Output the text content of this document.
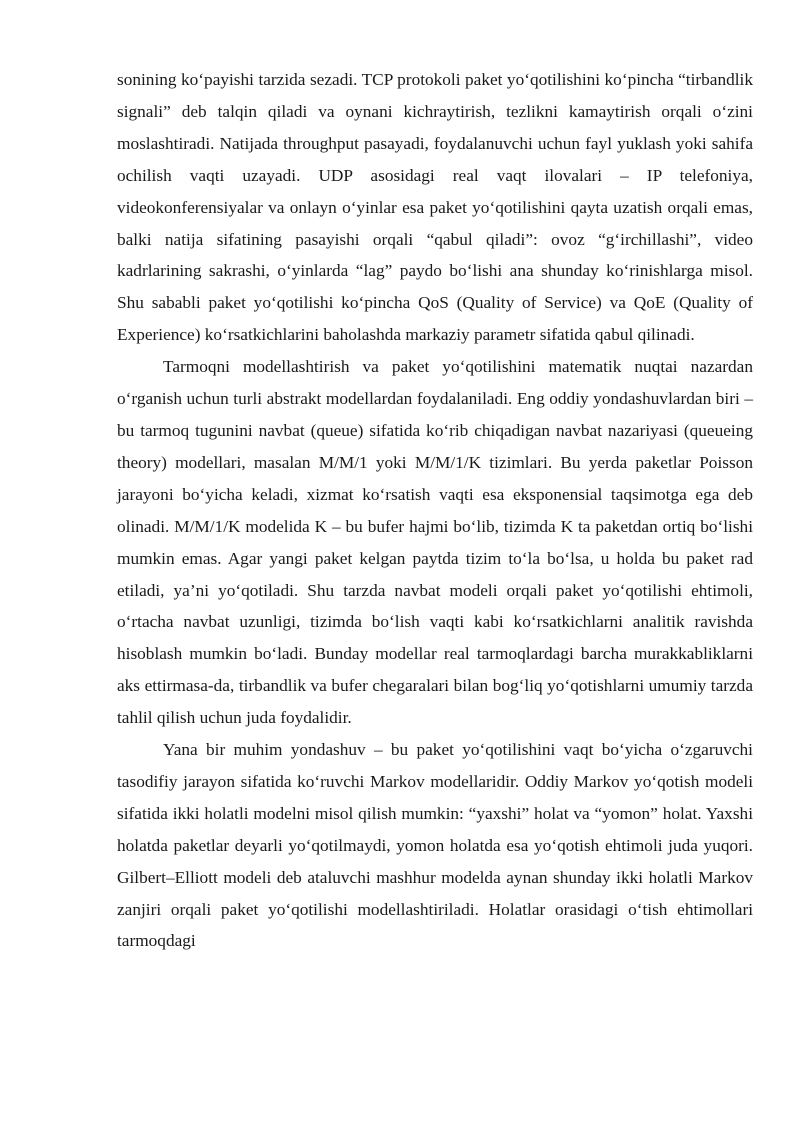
sonining ko‘payishi tarzida sezadi. TCP protokoli paket yo‘qotilishini ko‘pincha “tirbandlik signali” deb talqin qiladi va oynani kichraytirish, tezlikni kamaytirish orqali o‘zini moslashtiradi. Natijada throughput pasayadi, foydalanuvchi uchun fayl yuklash yoki sahifa ochilish vaqti uzayadi. UDP asosidagi real vaqt ilovalari – IP telefoniya, videokonferensiyalar va onlayn o‘yinlar esa paket yo‘qotilishini qayta uzatish orqali emas, balki natija sifatining pasayishi orqali “qabul qiladi”: ovoz “g‘irchillashi”, video kadrlarining sakrashi, o‘yinlarda “lag” paydo bo‘lishi ana shunday ko‘rinishlarga misol. Shu sababli paket yo‘qotilishi ko‘pincha QoS (Quality of Service) va QoE (Quality of Experience) ko‘rsatkichlarini baholashda markaziy parametr sifatida qabul qilinadi.

Tarmoqni modellashtirish va paket yo‘qotilishini matematik nuqtai nazardan o‘rganish uchun turli abstrakt modellardan foydalaniladi. Eng oddiy yondashuvlardan biri – bu tarmoq tugunini navbat (queue) sifatida ko‘rib chiqadigan navbat nazariyasi (queueing theory) modellari, masalan M/M/1 yoki M/M/1/K tizimlari. Bu yerda paketlar Poisson jarayoni bo‘yicha keladi, xizmat ko‘rsatish vaqti esa eksponensial taqsimotga ega deb olinadi. M/M/1/K modelida K – bu bufer hajmi bo‘lib, tizimda K ta paketdan ortiq bo‘lishi mumkin emas. Agar yangi paket kelgan paytda tizim to‘la bo‘lsa, u holda bu paket rad etiladi, ya’ni yo‘qotiladi. Shu tarzda navbat modeli orqali paket yo‘qotilishi ehtimoli, o‘rtacha navbat uzunligi, tizimda bo‘lish vaqti kabi ko‘rsatkichlarni analitik ravishda hisoblash mumkin bo‘ladi. Bunday modellar real tarmoqlardagi barcha murakkabliklarni aks ettirmasa-da, tirbandlik va bufer chegaralari bilan bog‘liq yo‘qotishlarni umumiy tarzda tahlil qilish uchun juda foydalidir.

Yana bir muhim yondashuv – bu paket yo‘qotilishini vaqt bo‘yicha o‘zgaruvchi tasodifiy jarayon sifatida ko‘ruvchi Markov modellaridir. Oddiy Markov yo‘qotish modeli sifatida ikki holatli modelni misol qilish mumkin: “yaxshi” holat va “yomon” holat. Yaxshi holatda paketlar deyarli yo‘qotilmaydi, yomon holatda esa yo‘qotish ehtimoli juda yuqori. Gilbert–Elliott modeli deb ataluvchi mashhur modelda aynan shunday ikki holatli Markov zanjiri orqali paket yo‘qotilishi modellashtiriladi. Holatlar orasidagi o‘tish ehtimollari tarmoqdagi
